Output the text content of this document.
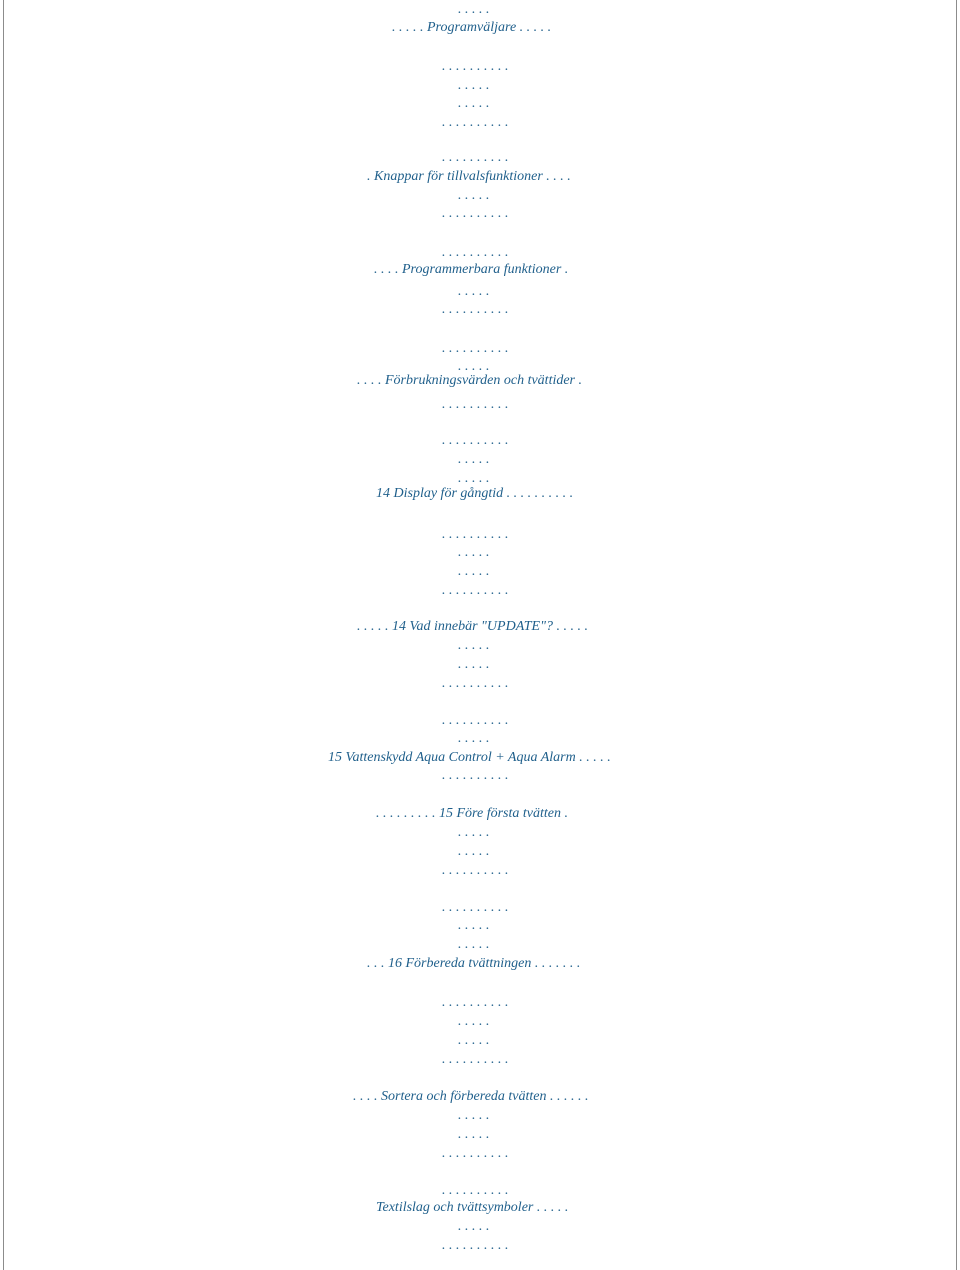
. . . . .
. . . . . Programväljare . . . . .
. . . . . . . . . .
. . . . .
. . . . .
. . . . . . . . . .
. . . . . . . . . .
. Knappar för tillvalsfunktioner . . . .
. . . . .
. . . . . . . . . .
. . . . . . . . . .
. . . . Programmerbara funktioner .
. . . . .
. . . . . . . . . .
. . . . . . . . . .
. . . . .
. . . . Förbrukningsvärden och tvättider .
. . . . . . . . . .
. . . . . . . . . .
. . . . .
. . . . .
14 Display för gångtid . . . . . . . . . .
. . . . . . . . . .
. . . . .
. . . . .
. . . . . . . . . .
. . . . . 14 Vad innebär "UPDATE"? . . . . .
. . . . .
. . . . .
. . . . . . . . . .
. . . . . . . . . .
. . . . .
15 Vattenskydd Aqua Control + Aqua Alarm . . . . .
. . . . . . . . . .
. . . . . . . . . 15 Före första tvätten .
. . . . .
. . . . .
. . . . . . . . . .
. . . . . . . . . .
. . . . .
. . . . .
. . . 16 Förbereda tvättningen . . . . . . .
. . . . . . . . . .
. . . . .
. . . . .
. . . . . . . . . .
. . . . Sortera och förbereda tvätten . . . . . .
. . . . .
. . . . .
. . . . . . . . . .
. . . . . . . . . .
Textilslag och tvättsymboler . . . . .
. . . . .
. . . . . . . . . .
